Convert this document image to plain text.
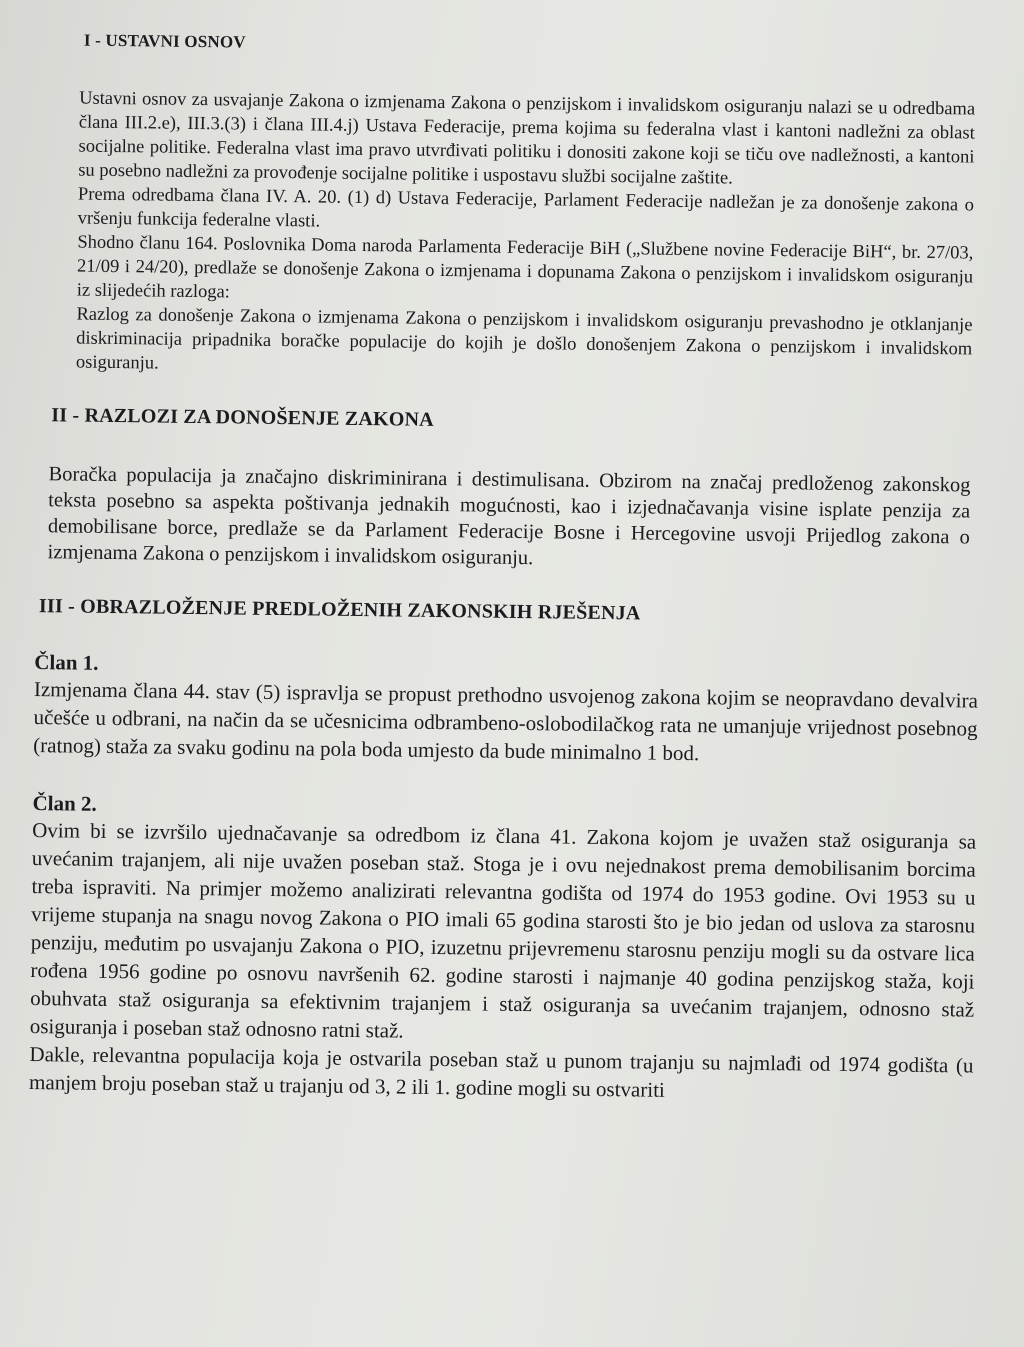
I - USTAVNI OSNOV

Ustavni osnov za usvajanje Zakona o izmjenama Zakona o penzijskom i invalidskom osiguranju nalazi se u odredbama člana III.2.e), III.3.(3) i člana III.4.j) Ustava Federacije, prema kojima su federalna vlast i kantoni nadležni za oblast socijalne politike. Federalna vlast ima pravo utvrđivati politiku i donositi zakone koji se tiču ove nadležnosti, a kantoni su posebno nadležni za provođenje socijalne politike i uspostavu službi socijalne zaštite.

Prema odredbama člana IV. A. 20. (1) d) Ustava Federacije, Parlament Federacije nadležan je za donošenje zakona o vršenju funkcija federalne vlasti.

Shodno članu 164. Poslovnika Doma naroda Parlamenta Federacije BiH („Službene novine Federacije BiH“, br. 27/03, 21/09 i 24/20), predlaže se donošenje Zakona o izmjenama i dopunama Zakona o penzijskom i invalidskom osiguranju iz slijedećih razloga:

Razlog za donošenje Zakona o izmjenama Zakona o penzijskom i invalidskom osiguranju prevashodno je otklanjanje diskriminacija pripadnika boračke populacije do kojih je došlo donošenjem Zakona o penzijskom i invalidskom osiguranju.

II - RAZLOZI ZA DONOŠENJE ZAKONA

Boračka populacija ja značajno diskriminirana i destimulisana. Obzirom na značaj predloženog zakonskog teksta posebno sa aspekta poštivanja jednakih mogućnosti, kao i izjednačavanja visine isplate penzija za demobilisane borce, predlaže se da Parlament Federacije Bosne i Hercegovine usvoji Prijedlog zakona o izmjenama Zakona o penzijskom i invalidskom osiguranju.

III - OBRAZLOŽENJE PREDLOŽENIH ZAKONSKIH RJEŠENJA
Član 1.

Izmjenama člana 44. stav (5) ispravlja se propust prethodno usvojenog zakona kojim se neopravdano devalvira učešće u odbrani, na način da se učesnicima odbrambeno-oslobodilačkog rata ne umanjuje vrijednost posebnog (ratnog) staža za svaku godinu na pola boda umjesto da bude minimalno 1 bod.

Član 2.

Ovim bi se izvršilo ujednačavanje sa odredbom iz člana 41. Zakona kojom je uvažen staž osiguranja sa uvećanim trajanjem, ali nije uvažen poseban staž. Stoga je i ovu nejednakost prema demobilisanim borcima treba ispraviti. Na primjer možemo analizirati relevantna godišta od 1974 do 1953 godine. Ovi 1953 su u vrijeme stupanja na snagu novog Zakona o PIO imali 65 godina starosti što je bio jedan od uslova za starosnu penziju, međutim po usvajanju Zakona o PIO, izuzetnu prijevremenu starosnu penziju mogli su da ostvare lica rođena 1956 godine po osnovu navršenih 62. godine starosti i najmanje 40 godina penzijskog staža, koji obuhvata staž osiguranja sa efektivnim trajanjem i staž osiguranja sa uvećanim trajanjem, odnosno staž osiguranja i poseban staž odnosno ratni staž.

Dakle, relevantna populacija koja je ostvarila poseban staž u punom trajanju su najmlađi od 1974 godišta (u manjem broju poseban staž u trajanju od 3, 2 ili 1. godine mogli su ostvariti
